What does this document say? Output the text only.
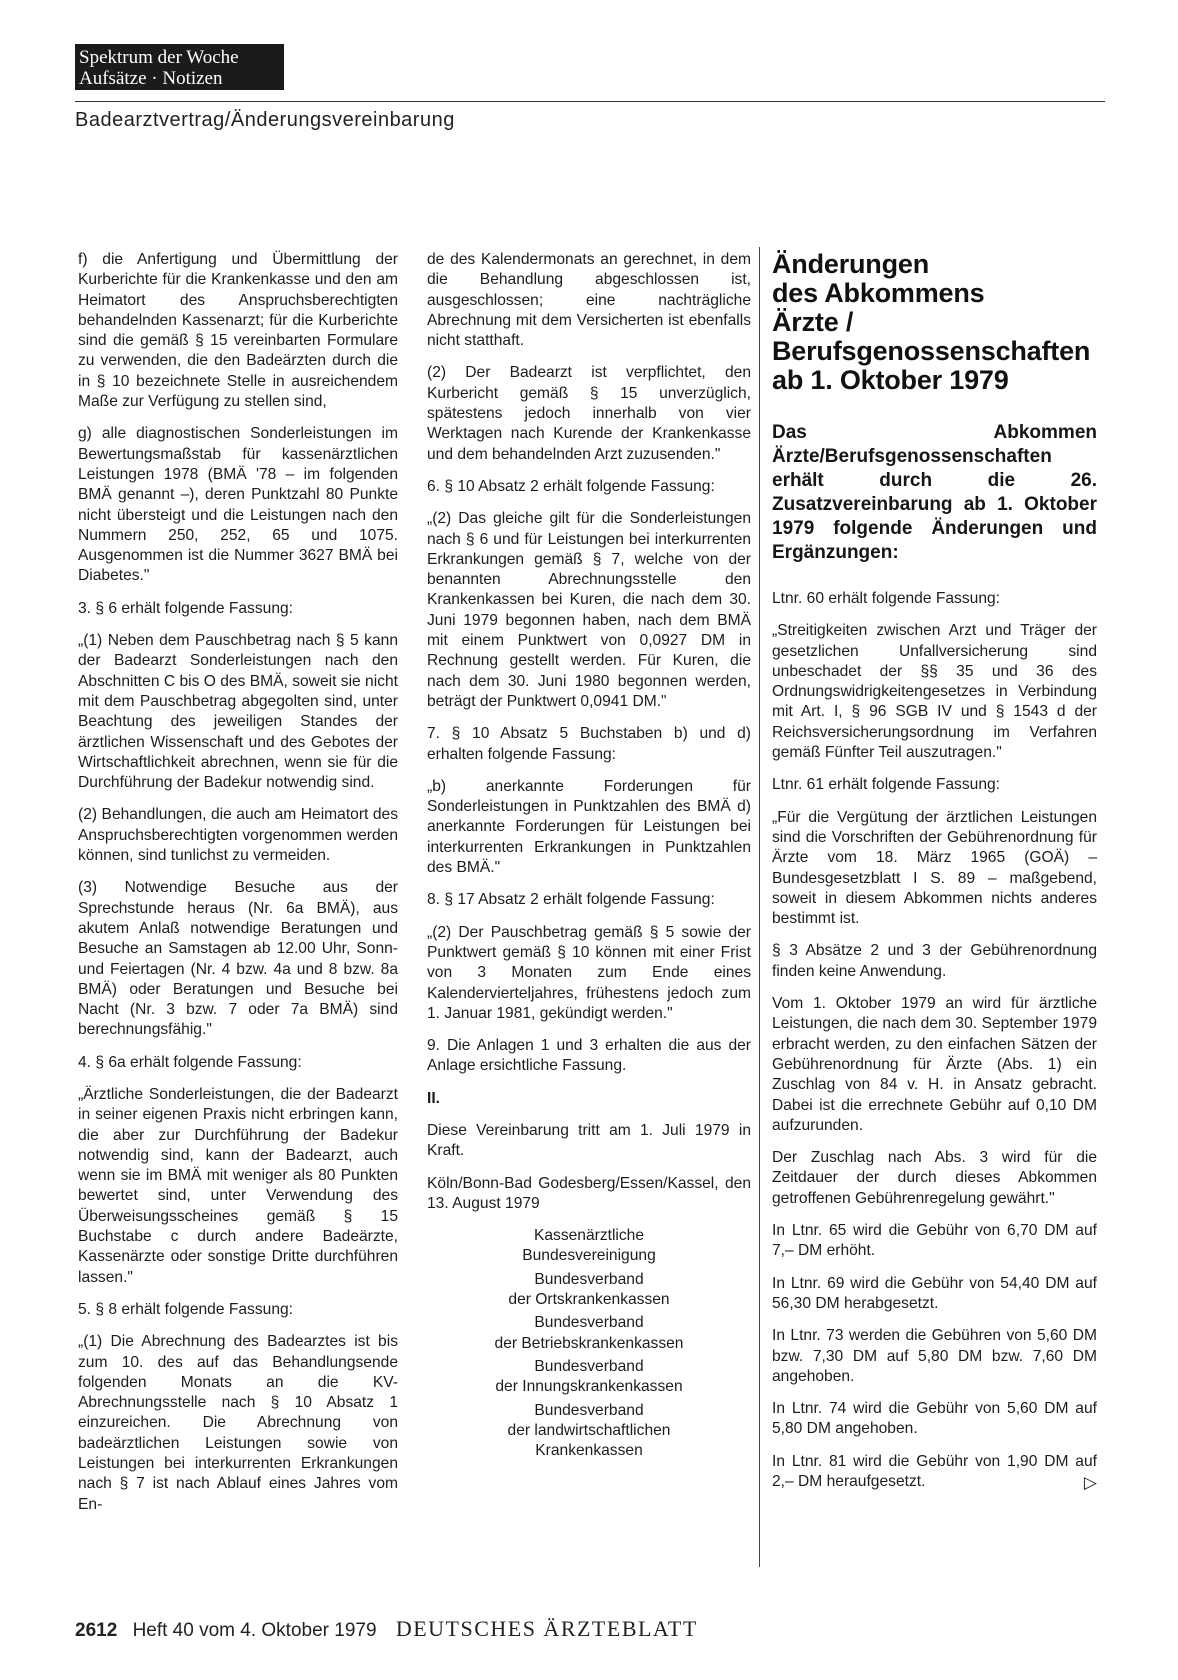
Spektrum der Woche
Aufsätze · Notizen
Badearztvertrag/Änderungsvereinbarung

f) die Anfertigung und Übermittlung der Kurberichte für die Krankenkasse und den am Heimatort des Anspruchsberechtigten behandelnden Kassenarzt; für die Kurberichte sind die gemäß § 15 vereinbarten Formulare zu verwenden, die den Badeärzten durch die in § 10 bezeichnete Stelle in ausreichendem Maße zur Verfügung zu stellen sind,

g) alle diagnostischen Sonderleistungen im Bewertungsmaßstab für kassenärztlichen Leistungen 1978 (BMÄ '78 – im folgenden BMÄ genannt –), deren Punktzahl 80 Punkte nicht übersteigt und die Leistungen nach den Nummern 250, 252, 65 und 1075. Ausgenommen ist die Nummer 3627 BMÄ bei Diabetes."

3. § 6 erhält folgende Fassung:

„(1) Neben dem Pauschbetrag nach § 5 kann der Badearzt Sonderleistungen nach den Abschnitten C bis O des BMÄ, soweit sie nicht mit dem Pauschbetrag abgegolten sind, unter Beachtung des jeweiligen Standes der ärztlichen Wissenschaft und des Gebotes der Wirtschaftlichkeit abrechnen, wenn sie für die Durchführung der Badekur notwendig sind.

(2) Behandlungen, die auch am Heimatort des Anspruchsberechtigten vorgenommen werden können, sind tunlichst zu vermeiden.

(3) Notwendige Besuche aus der Sprechstunde heraus (Nr. 6a BMÄ), aus akutem Anlaß notwendige Beratungen und Besuche an Samstagen ab 12.00 Uhr, Sonn- und Feiertagen (Nr. 4 bzw. 4a und 8 bzw. 8a BMÄ) oder Beratungen und Besuche bei Nacht (Nr. 3 bzw. 7 oder 7a BMÄ) sind berechnungsfähig."

4. § 6a erhält folgende Fassung:

„Ärztliche Sonderleistungen, die der Badearzt in seiner eigenen Praxis nicht erbringen kann, die aber zur Durchführung der Badekur notwendig sind, kann der Badearzt, auch wenn sie im BMÄ mit weniger als 80 Punkten bewertet sind, unter Verwendung des Überweisungsscheines gemäß § 15 Buchstabe c durch andere Badeärzte, Kassenärzte oder sonstige Dritte durchführen lassen."

5. § 8 erhält folgende Fassung:

„(1) Die Abrechnung des Badearztes ist bis zum 10. des auf das Behandlungsende folgenden Monats an die KV-Abrechnungsstelle nach § 10 Absatz 1 einzureichen. Die Abrechnung von badeärztlichen Leistungen sowie von Leistungen bei interkurrenten Erkrankungen nach § 7 ist nach Ablauf eines Jahres vom En-

de des Kalendermonats an gerechnet, in dem die Behandlung abgeschlossen ist, ausgeschlossen; eine nachträgliche Abrechnung mit dem Versicherten ist ebenfalls nicht statthaft.

(2) Der Badearzt ist verpflichtet, den Kurbericht gemäß § 15 unverzüglich, spätestens jedoch innerhalb von vier Werktagen nach Kurende der Krankenkasse und dem behandelnden Arzt zuzusenden."

6. § 10 Absatz 2 erhält folgende Fassung:

„(2) Das gleiche gilt für die Sonderleistungen nach § 6 und für Leistungen bei interkurrenten Erkrankungen gemäß § 7, welche von der benannten Abrechnungsstelle den Krankenkassen bei Kuren, die nach dem 30. Juni 1979 begonnen haben, nach dem BMÄ mit einem Punktwert von 0,0927 DM in Rechnung gestellt werden. Für Kuren, die nach dem 30. Juni 1980 begonnen werden, beträgt der Punktwert 0,0941 DM."

7. § 10 Absatz 5 Buchstaben b) und d) erhalten folgende Fassung:

„b) anerkannte Forderungen für Sonderleistungen in Punktzahlen des BMÄ d) anerkannte Forderungen für Leistungen bei interkurrenten Erkrankungen in Punktzahlen des BMÄ."

8. § 17 Absatz 2 erhält folgende Fassung:

„(2) Der Pauschbetrag gemäß § 5 sowie der Punktwert gemäß § 10 können mit einer Frist von 3 Monaten zum Ende eines Kalendervierteljahres, frühestens jedoch zum 1. Januar 1981, gekündigt werden."

9. Die Anlagen 1 und 3 erhalten die aus der Anlage ersichtliche Fassung.

II.

Diese Vereinbarung tritt am 1. Juli 1979 in Kraft.

Köln/Bonn-Bad Godesberg/Essen/Kassel, den 13. August 1979

Kassenärztliche
Bundesvereinigung
Bundesverband
der Ortskrankenkassen
Bundesverband
der Betriebskrankenkassen
Bundesverband
der Innungskrankenkassen
Bundesverband
der landwirtschaftlichen
Krankenkassen
Änderungen
des Abkommens
Ärzte /
Berufsgenossenschaften
ab 1. Oktober 1979

Das Abkommen Ärzte/Berufsgenossenschaften erhält durch die 26. Zusatzvereinbarung ab 1. Oktober 1979 folgende Änderungen und Ergänzungen:

Ltnr. 60 erhält folgende Fassung:

„Streitigkeiten zwischen Arzt und Träger der gesetzlichen Unfallversicherung sind unbeschadet der §§ 35 und 36 des Ordnungswidrigkeitengesetzes in Verbindung mit Art. I, § 96 SGB IV und § 1543 d der Reichsversicherungsordnung im Verfahren gemäß Fünfter Teil auszutragen."

Ltnr. 61 erhält folgende Fassung:

„Für die Vergütung der ärztlichen Leistungen sind die Vorschriften der Gebührenordnung für Ärzte vom 18. März 1965 (GOÄ) – Bundesgesetzblatt I S. 89 – maßgebend, soweit in diesem Abkommen nichts anderes bestimmt ist.

§ 3 Absätze 2 und 3 der Gebührenordnung finden keine Anwendung.

Vom 1. Oktober 1979 an wird für ärztliche Leistungen, die nach dem 30. September 1979 erbracht werden, zu den einfachen Sätzen der Gebührenordnung für Ärzte (Abs. 1) ein Zuschlag von 84 v. H. in Ansatz gebracht. Dabei ist die errechnete Gebühr auf 0,10 DM aufzurunden.

Der Zuschlag nach Abs. 3 wird für die Zeitdauer der durch dieses Abkommen getroffenen Gebührenregelung gewährt."

In Ltnr. 65 wird die Gebühr von 6,70 DM auf 7,– DM erhöht.

In Ltnr. 69 wird die Gebühr von 54,40 DM auf 56,30 DM herabgesetzt.

In Ltnr. 73 werden die Gebühren von 5,60 DM bzw. 7,30 DM auf 5,80 DM bzw. 7,60 DM angehoben.

In Ltnr. 74 wird die Gebühr von 5,60 DM auf 5,80 DM angehoben.

In Ltnr. 81 wird die Gebühr von 1,90 DM auf 2,– DM heraufgesetzt.	▷

2612 Heft 40 vom 4. Oktober 1979 DEUTSCHES ÄRZTEBLATT
